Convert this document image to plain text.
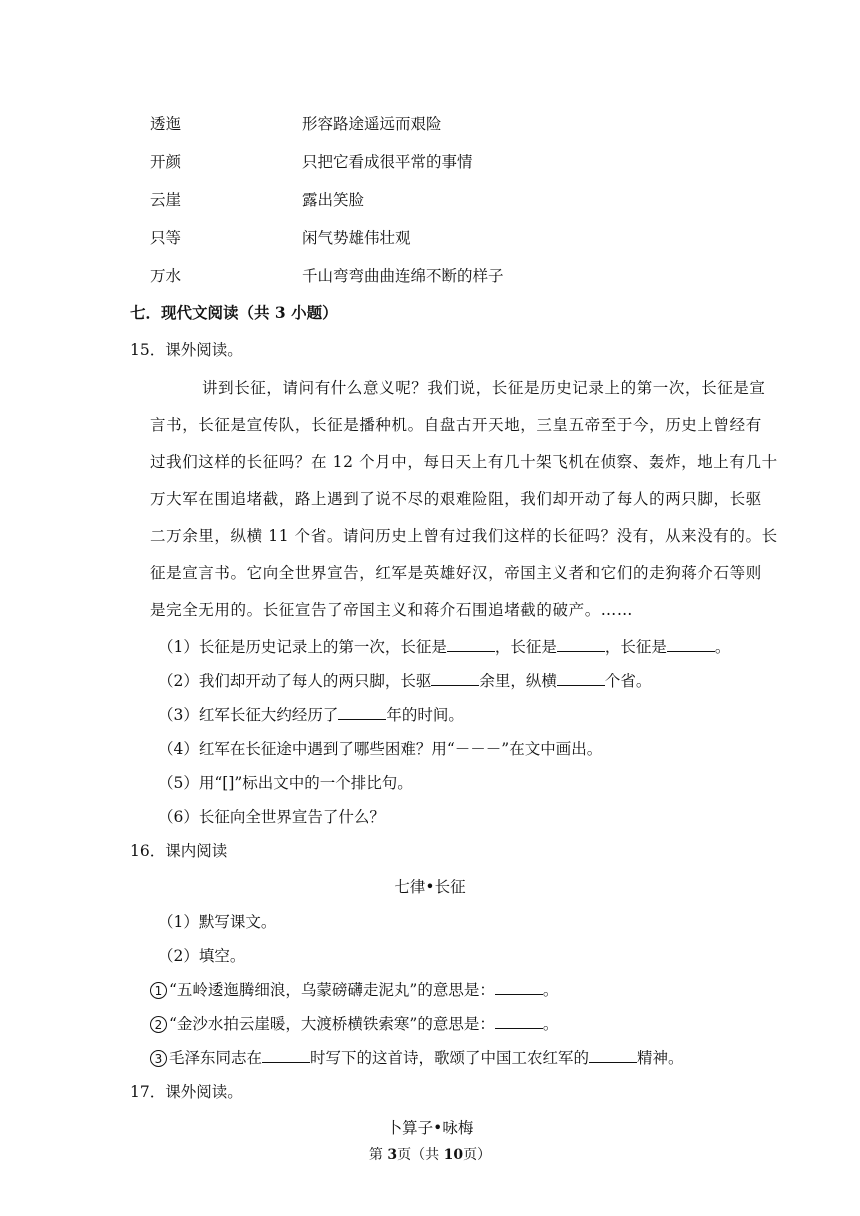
透迤	形容路途遥远而艰险
开颜	只把它看成很平常的事情
云崖	露出笑脸
只等	闲气势雄伟壮观
万水	千山弯弯曲曲连绵不断的样子
七．现代文阅读（共 3 小题）
15．课外阅读。
讲到长征，请问有什么意义呢？我们说，长征是历史记录上的第一次，长征是宣
言书，长征是宣传队，长征是播种机。自盘古开天地，三皇五帝至于今，历史上曾经有
过我们这样的长征吗？在 12 个月中，每日天上有几十架飞机在侦察、轰炸，地上有几十
万大军在围追堵截，路上遇到了说不尽的艰难险阻，我们却开动了每人的两只脚，长驱
二万余里，纵横 11 个省。请问历史上曾有过我们这样的长征吗？没有，从来没有的。长
征是宣言书。它向全世界宣告，红军是英雄好汉，帝国主义者和它们的走狗蒋介石等则
是完全无用的。长征宣告了帝国主义和蒋介石围追堵截的破产。……
（1）长征是历史记录上的第一次，长征是	，长征是	，长征是	。
（2）我们却开动了每人的两只脚，长驱	余里，纵横	个省。
（3）红军长征大约经历了	年的时间。
（4）红军在长征途中遇到了哪些困难？用“－－－”在文中画出。
（5）用“[]”标出文中的一个排比句。
（6）长征向全世界宣告了什么？
16．课内阅读
七律•长征
（1）默写课文。
（2）填空。
1 “五岭逶迤腾细浪，乌蒙磅礴走泥丸”的意思是：	。
2 “金沙水拍云崖暖，大渡桥横铁索寒”的意思是：	。
3 毛泽东同志在	时写下的这首诗，歌颂了中国工农红军的	精神。
17．课外阅读。
卜算子•咏梅
第 3页（共 10页）
